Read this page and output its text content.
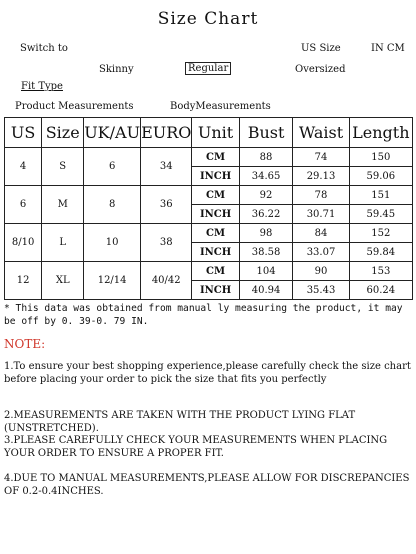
Size Chart
Switch to	US Size	IN CM
Skinny	Regular	Oversized
Fit Type
Product Measurements	BodyMeasurements
US	Size	UK/AU	EURO	Unit	Bust	Waist	Length
4	S	6	34	CM	88	74	150
				INCH	34.65	29.13	59.06
6	M	8	36	CM	92	78	151
				INCH	36.22	30.71	59.45
8/10	L	10	38	CM	98	84	152
				INCH	38.58	33.07	59.84
12	XL	12/14	40/42	CM	104	90	153
				INCH	40.94	35.43	60.24
* This data was obtained from manual ly measuring the product, it may be off by 0. 39-0. 79 IN.
NOTE:
1.To ensure your best shopping experience,please carefully check the size chart before placing your order to pick the size that fits you perfectly
2.MEASUREMENTS ARE TAKEN WITH THE PRODUCT LYING FLAT (UNSTRETCHED).
3.PLEASE CAREFULLY CHECK YOUR MEASUREMENTS WHEN PLACING YOUR ORDER TO ENSURE A PROPER FIT.
4.DUE TO MANUAL MEASUREMENTS,PLEASE ALLOW FOR DISCREPANCIES OF 0.2-0.4INCHES.
